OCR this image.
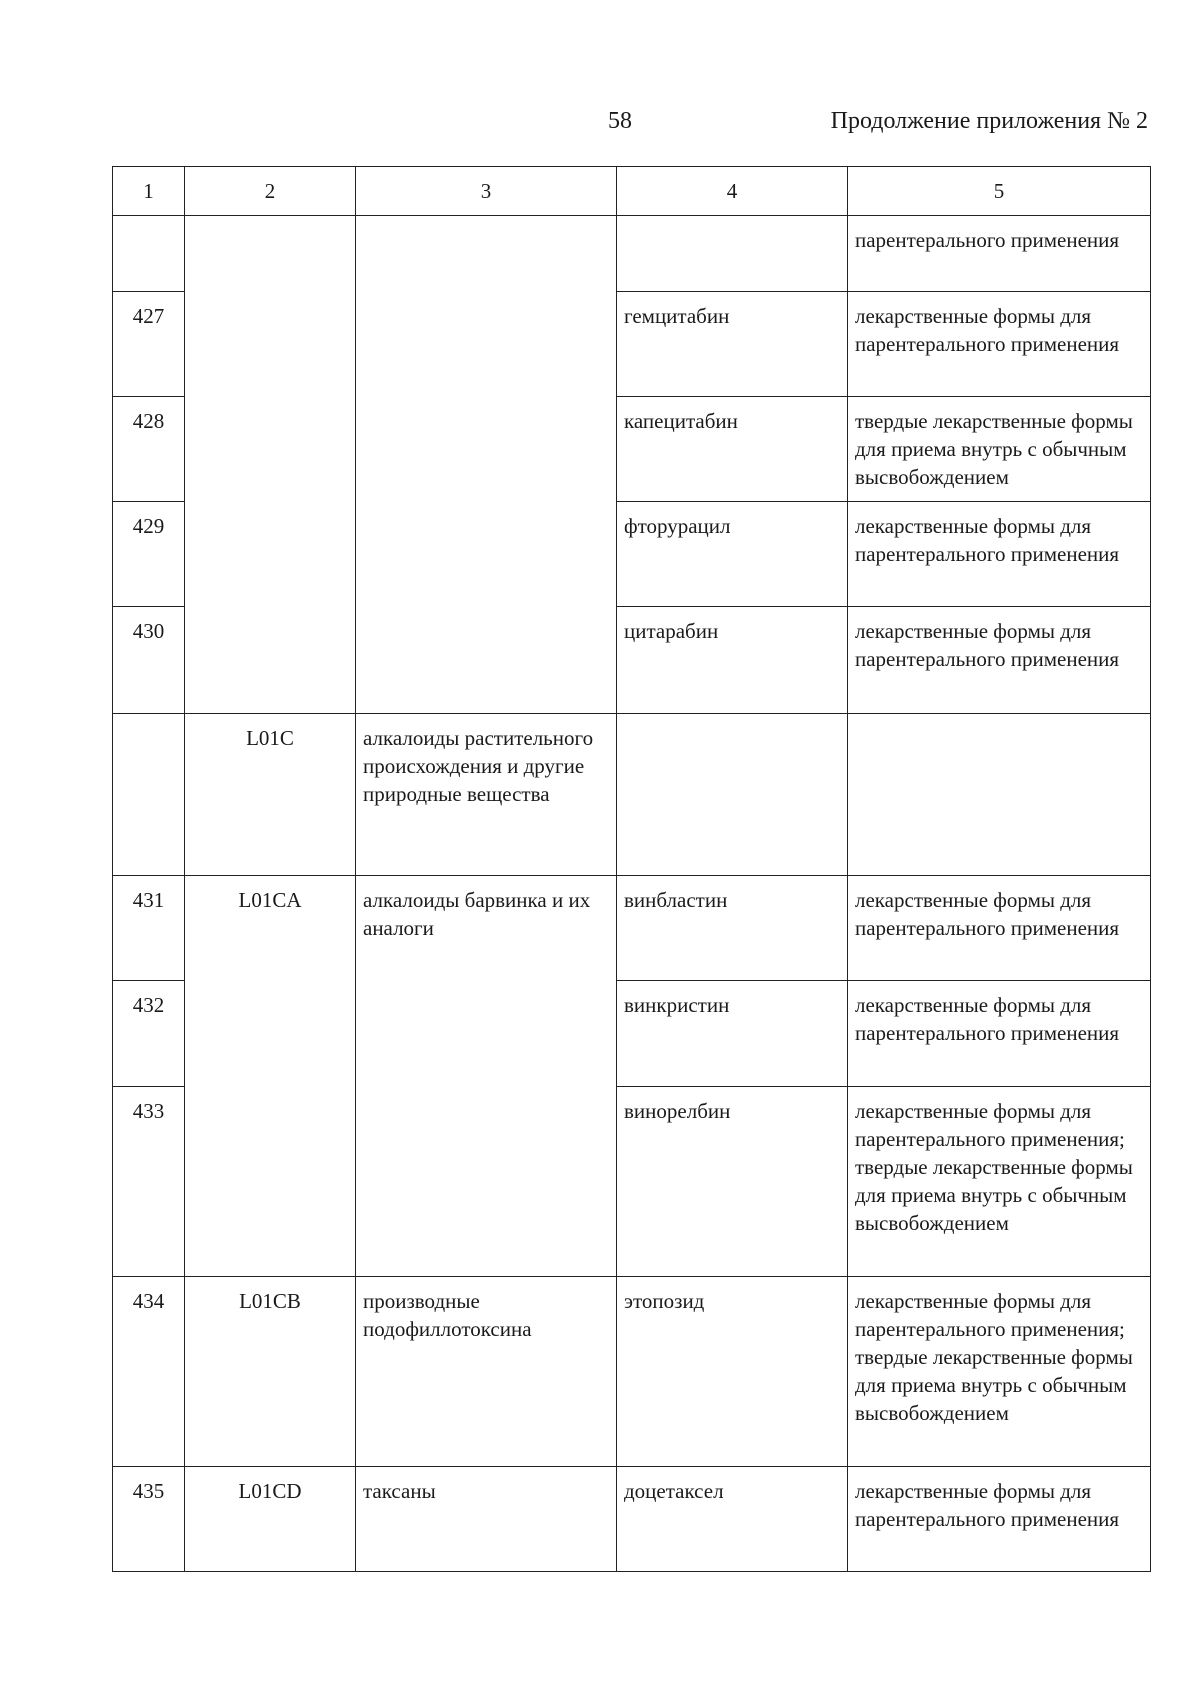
58	Продолжение приложения № 2
1	2	3	4	5
				парентерального применения
427			гемцитабин	лекарственные формы для парентерального применения
428			капецитабин	твердые лекарственные формы для приема внутрь с обычным высвобождением
429			фторурацил	лекарственные формы для парентерального применения
430			цитарабин	лекарственные формы для парентерального применения
	L01C	алкалоиды растительного происхождения и другие природные вещества		
431	L01CA	алкалоиды барвинка и их аналоги	винбластин	лекарственные формы для парентерального применения
432			винкристин	лекарственные формы для парентерального применения
433			винорелбин	лекарственные формы для парентерального применения;
твердые лекарственные формы для приема внутрь с обычным высвобождением

434	L01CB	производные подофиллотоксина	этопозид	лекарственные формы для парентерального применения;
твердые лекарственные формы для приема внутрь с обычным высвобождением

435	L01CD	таксаны	доцетаксел	лекарственные формы для парентерального применения
